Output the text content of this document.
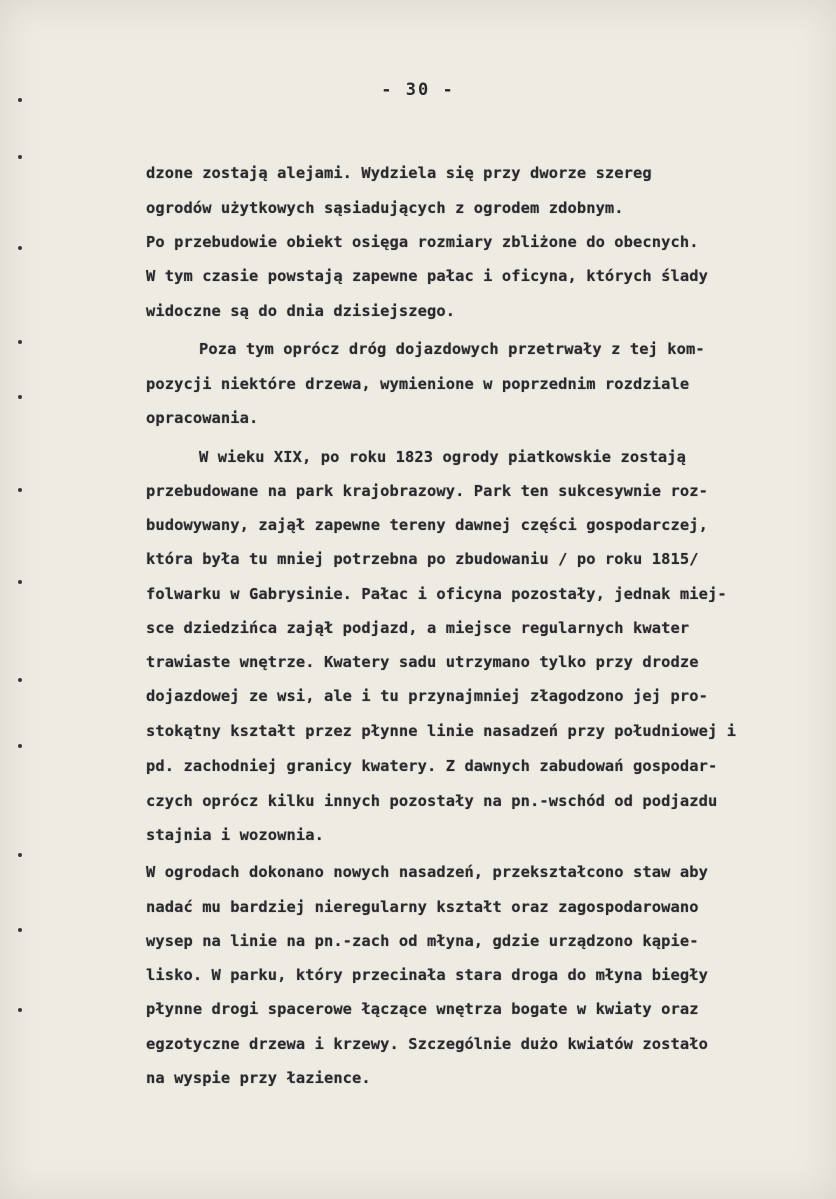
- 30 -
dzone zostają alejami. Wydziela się przy dworze szereg
ogrodów użytkowych sąsiadujących z ogrodem zdobnym.
Po przebudowie obiekt osięga rozmiary zbliżone do obecnych.
W tym czasie powstają zapewne pałac i oficyna, których ślady
widoczne są do dnia dzisiejszego.
Poza tym oprócz dróg dojazdowych przetrwały z tej kom-
pozycji niektóre drzewa, wymienione w poprzednim rozdziale
opracowania.
W wieku XIX, po roku 1823 ogrody piatkowskie zostają
przebudowane na park krajobrazowy. Park ten sukcesywnie roz-
budowywany, zajął zapewne tereny dawnej części gospodarczej,
która była tu mniej potrzebna po zbudowaniu / po roku 1815/
folwarku w Gabrysinie. Pałac i oficyna pozostały, jednak miej-
sce dziedzińca zajął podjazd, a miejsce regularnych kwater
trawiaste wnętrze. Kwatery sadu utrzymano tylko przy drodze
dojazdowej ze wsi, ale i tu przynajmniej złagodzono jej pro-
stokątny kształt przez płynne linie nasadzeń przy południowej i
pd. zachodniej granicy kwatery. Z dawnych zabudowań gospodar-
czych oprócz kilku innych pozostały na pn.-wschód od podjazdu
stajnia i wozownia.
W ogrodach dokonano nowych nasadzeń, przekształcono staw aby
nadać mu bardziej nieregularny kształt oraz zagospodarowano
wysep na linie na pn.-zach od młyna, gdzie urządzono kąpie-
lisko. W parku, który przecinała stara droga do młyna biegły
płynne drogi spacerowe łączące wnętrza bogate w kwiaty oraz
egzotyczne drzewa i krzewy. Szczególnie dużo kwiatów zostało
na wyspie przy łazience.
